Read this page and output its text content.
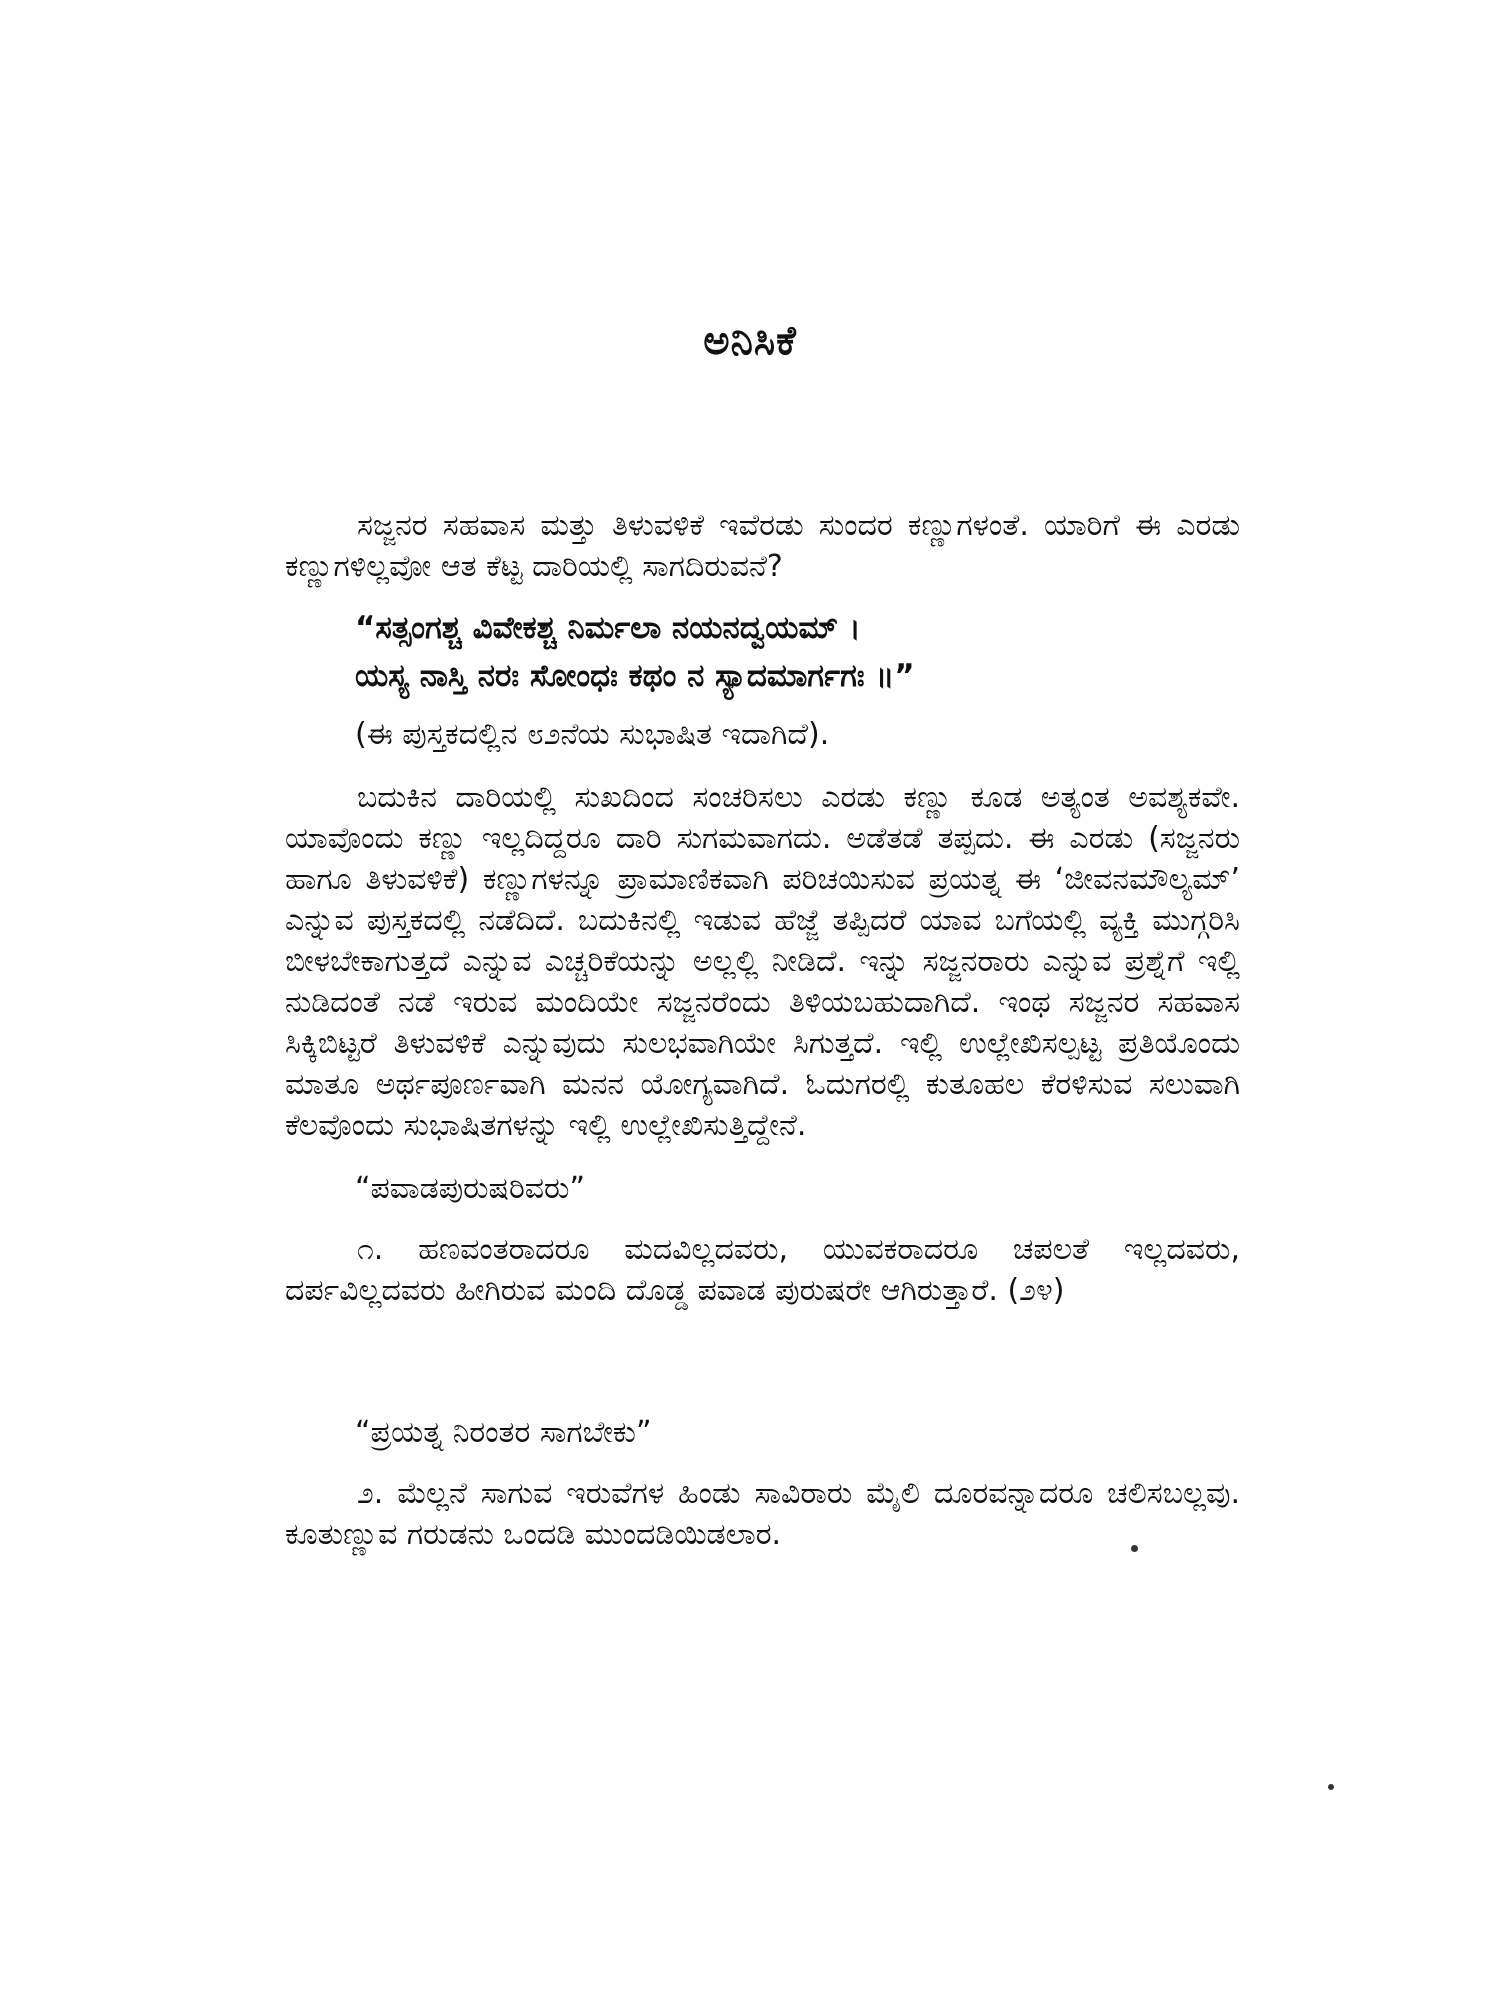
ಅನಿಸಿಕೆ

ಸಜ್ಜನರ ಸಹವಾಸ ಮತ್ತು ತಿಳುವಳಿಕೆ ಇವೆರಡು ಸುಂದರ ಕಣ್ಣುಗಳಂತೆ. ಯಾರಿಗೆ ಈ ಎರಡು ಕಣ್ಣುಗಳಿಲ್ಲವೋ ಆತ ಕೆಟ್ಟ ದಾರಿಯಲ್ಲಿ ಸಾಗದಿರುವನೆ?

“ಸತ್ಸಂಗಶ್ಚ ವಿವೇಕಶ್ಚ ನಿರ್ಮಲಾ ನಯನದ್ವಯಮ್ ।
ಯಸ್ಯ ನಾಸ್ತಿ ನರಃ ಸೋಂಧಃ ಕಥಂ ನ ಸ್ಯಾದಮಾರ್ಗಗಃ ॥”

(ಈ ಪುಸ್ತಕದಲ್ಲಿನ ೮೨ನೆಯ ಸುಭಾಷಿತ ಇದಾಗಿದೆ).

ಬದುಕಿನ ದಾರಿಯಲ್ಲಿ ಸುಖದಿಂದ ಸಂಚರಿಸಲು ಎರಡು ಕಣ್ಣು ಕೂಡ ಅತ್ಯಂತ ಅವಶ್ಯಕವೇ. ಯಾವೊಂದು ಕಣ್ಣು ಇಲ್ಲದಿದ್ದರೂ ದಾರಿ ಸುಗಮವಾಗದು. ಅಡೆತಡೆ ತಪ್ಪದು. ಈ ಎರಡು (ಸಜ್ಜನರು ಹಾಗೂ ತಿಳುವಳಿಕೆ) ಕಣ್ಣುಗಳನ್ನೂ ಪ್ರಾಮಾಣಿಕವಾಗಿ ಪರಿಚಯಿಸುವ ಪ್ರಯತ್ನ ಈ ‘ಜೀವನಮೌಲ್ಯಮ್’ ಎನ್ನುವ ಪುಸ್ತಕದಲ್ಲಿ ನಡೆದಿದೆ. ಬದುಕಿನಲ್ಲಿ ಇಡುವ ಹೆಜ್ಜೆ ತಪ್ಪಿದರೆ ಯಾವ ಬಗೆಯಲ್ಲಿ ವ್ಯಕ್ತಿ ಮುಗ್ಗರಿಸಿ ಬೀಳಬೇಕಾಗುತ್ತದೆ ಎನ್ನುವ ಎಚ್ಚರಿಕೆಯನ್ನು ಅಲ್ಲಲ್ಲಿ ನೀಡಿದೆ. ಇನ್ನು ಸಜ್ಜನರಾರು ಎನ್ನುವ ಪ್ರಶ್ನೆಗೆ ಇಲ್ಲಿ ನುಡಿದಂತೆ ನಡೆ ಇರುವ ಮಂದಿಯೇ ಸಜ್ಜನರೆಂದು ತಿಳಿಯಬಹುದಾಗಿದೆ. ಇಂಥ ಸಜ್ಜನರ ಸಹವಾಸ ಸಿಕ್ಕಿಬಿಟ್ಟರೆ ತಿಳುವಳಿಕೆ ಎನ್ನುವುದು ಸುಲಭವಾಗಿಯೇ ಸಿಗುತ್ತದೆ. ಇಲ್ಲಿ ಉಲ್ಲೇಖಿಸಲ್ಪಟ್ಟ ಪ್ರತಿಯೊಂದು ಮಾತೂ ಅರ್ಥಪೂರ್ಣವಾಗಿ ಮನನ ಯೋಗ್ಯವಾಗಿದೆ. ಓದುಗರಲ್ಲಿ ಕುತೂಹಲ ಕೆರಳಿಸುವ ಸಲುವಾಗಿ ಕೆಲವೊಂದು ಸುಭಾಷಿತಗಳನ್ನು ಇಲ್ಲಿ ಉಲ್ಲೇಖಿಸುತ್ತಿದ್ದೇನೆ.

“ಪವಾಡಪುರುಷರಿವರು”

೧. ಹಣವಂತರಾದರೂ ಮದವಿಲ್ಲದವರು, ಯುವಕರಾದರೂ ಚಪಲತೆ ಇಲ್ಲದವರು, ದರ್ಪವಿಲ್ಲದವರು ಹೀಗಿರುವ ಮಂದಿ ದೊಡ್ಡ ಪವಾಡ ಪುರುಷರೇ ಆಗಿರುತ್ತಾರೆ. (೨೪)

“ಪ್ರಯತ್ನ ನಿರಂತರ ಸಾಗಬೇಕು”

೨. ಮೆಲ್ಲನೆ ಸಾಗುವ ಇರುವೆಗಳ ಹಿಂಡು ಸಾವಿರಾರು ಮೈಲಿ ದೂರವನ್ನಾದರೂ ಚಲಿಸಬಲ್ಲವು. ಕೂತುಣ್ಣುವ ಗರುಡನು ಒಂದಡಿ ಮುಂದಡಿಯಿಡಲಾರ.
